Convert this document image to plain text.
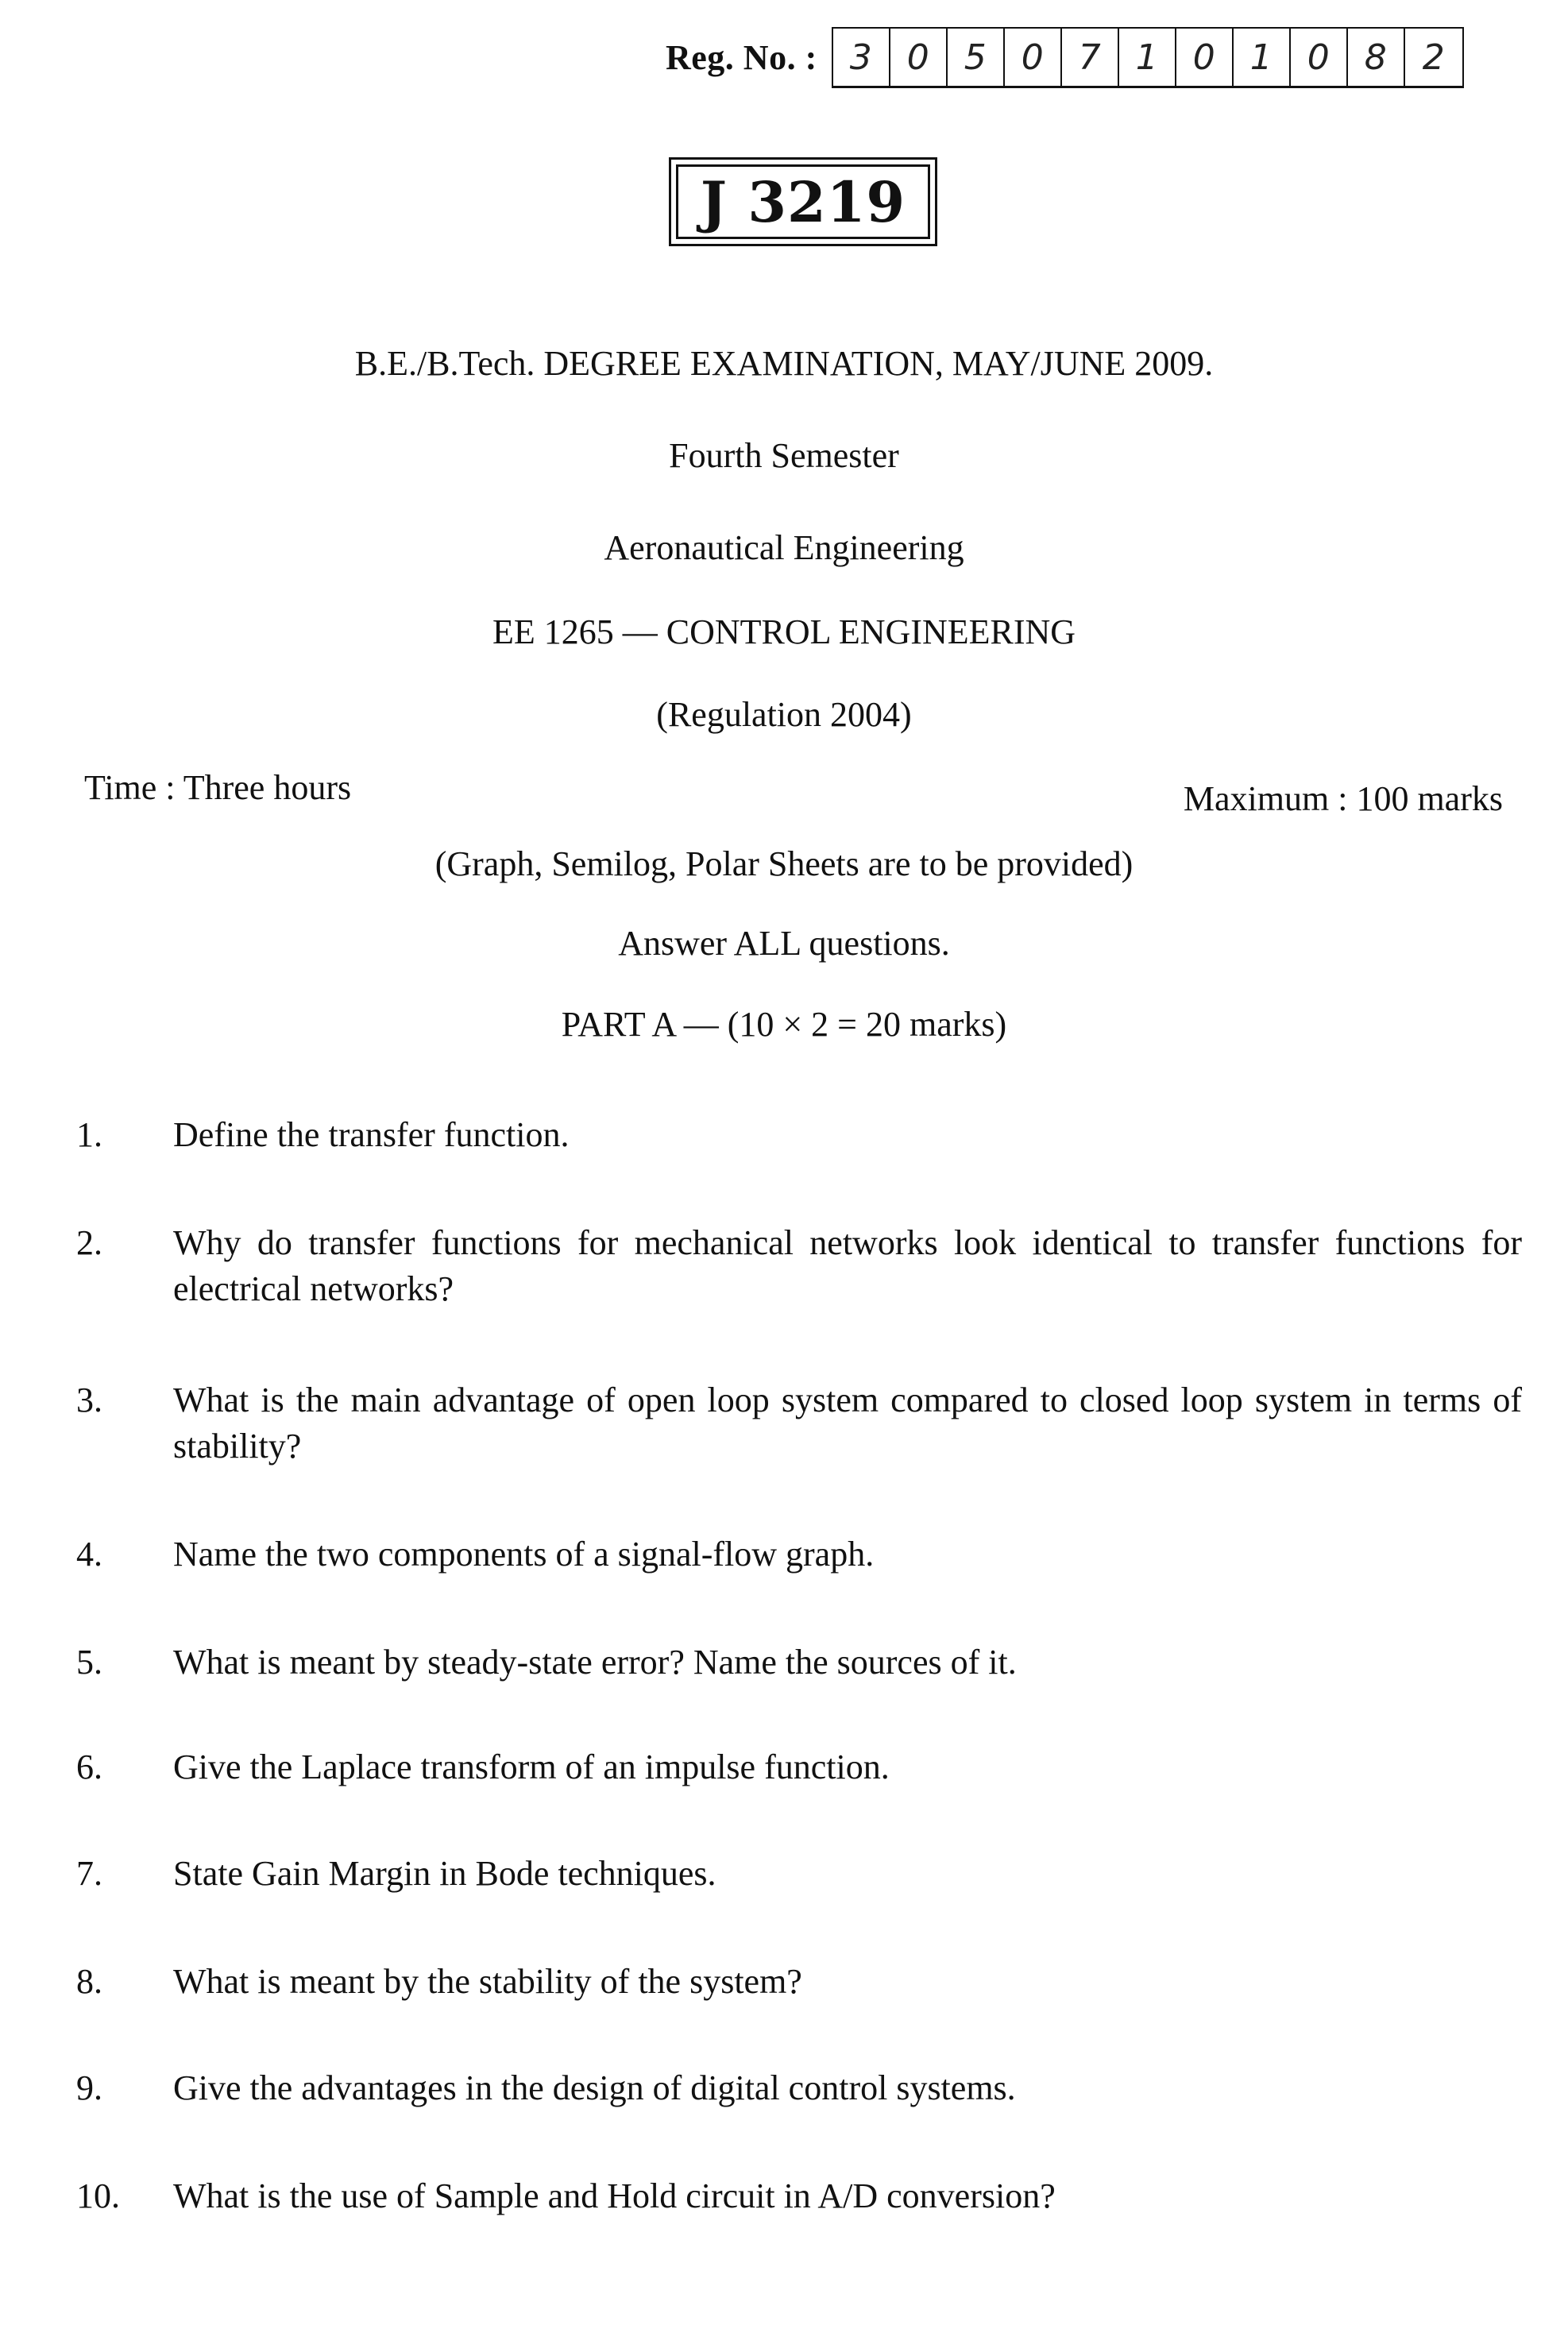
Reg. No. : 3	0	5	0	7	1	0	1	0	8	2
J 3219
B.E./B.Tech. DEGREE EXAMINATION, MAY/JUNE 2009.
Fourth Semester
Aeronautical Engineering
EE 1265 — CONTROL ENGINEERING
(Regulation 2004)
Time : Three hours	Maximum : 100 marks
(Graph, Semilog, Polar Sheets are to be provided)
Answer ALL questions.
PART A — (10 × 2 = 20 marks)
1.	Define the transfer function.
2.	Why do transfer functions for mechanical networks look identical to transfer functions for electrical networks?
3.	What is the main advantage of open loop system compared to closed loop system in terms of stability?
4.	Name the two components of a signal-flow graph.
5.	What is meant by steady-state error? Name the sources of it.
6.	Give the Laplace transform of an impulse function.
7.	State Gain Margin in Bode techniques.
8.	What is meant by the stability of the system?
9.	Give the advantages in the design of digital control systems.
10.	What is the use of Sample and Hold circuit in A/D conversion?
